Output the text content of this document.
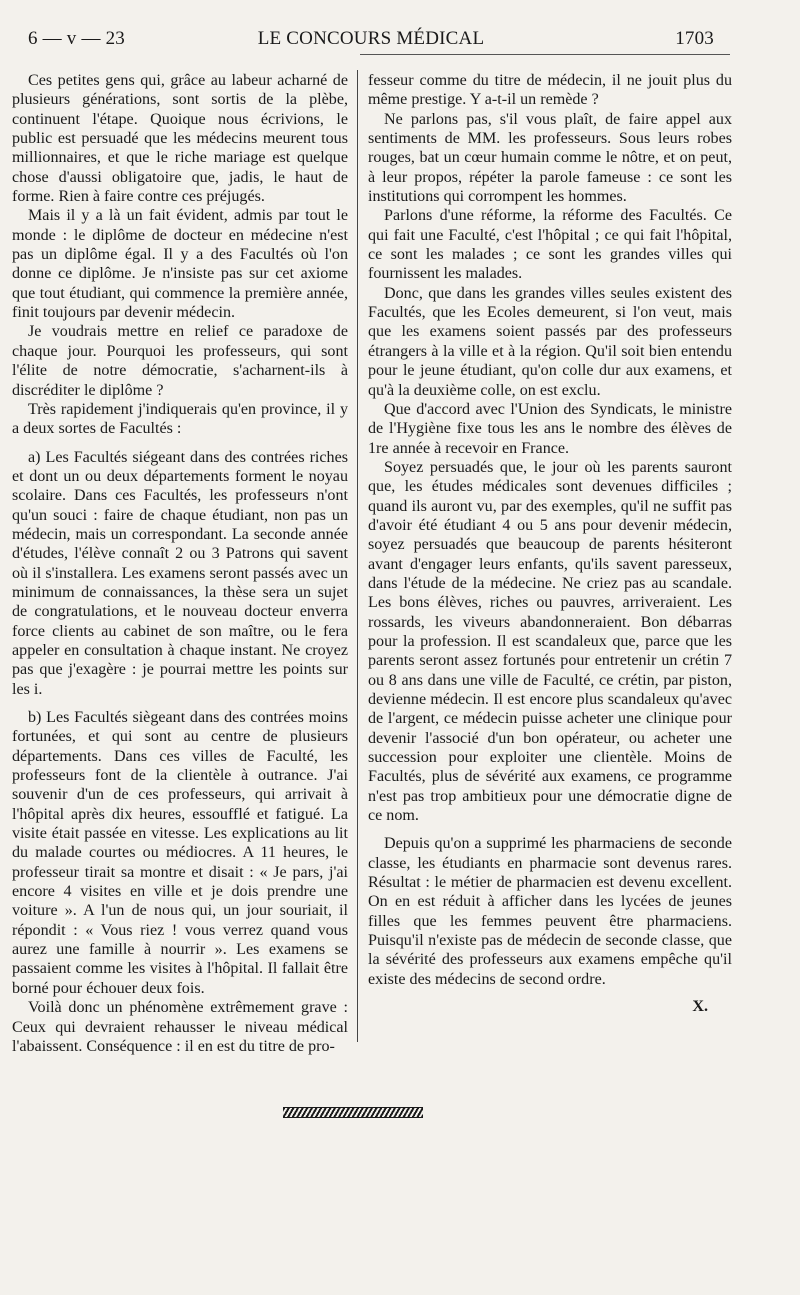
6 — v — 23	LE CONCOURS MÉDICAL	1703

Ces petites gens qui, grâce au labeur acharné de plusieurs générations, sont sortis de la plèbe, continuent l'étape. Quoique nous écrivions, le public est persuadé que les médecins meurent tous millionnaires, et que le riche mariage est quelque chose d'aussi obligatoire que, jadis, le haut de forme. Rien à faire contre ces préjugés.

Mais il y a là un fait évident, admis par tout le monde : le diplôme de docteur en médecine n'est pas un diplôme égal. Il y a des Facultés où l'on donne ce diplôme. Je n'insiste pas sur cet axiome que tout étudiant, qui commence la première année, finit toujours par devenir médecin.

Je voudrais mettre en relief ce paradoxe de chaque jour. Pourquoi les professeurs, qui sont l'élite de notre démocratie, s'acharnent-ils à discréditer le diplôme ?

Très rapidement j'indiquerais qu'en province, il y a deux sortes de Facultés :

a) Les Facultés siégeant dans des contrées riches et dont un ou deux départements forment le noyau scolaire. Dans ces Facultés, les professeurs n'ont qu'un souci : faire de chaque étudiant, non pas un médecin, mais un correspondant. La seconde année d'études, l'élève connaît 2 ou 3 Patrons qui savent où il s'installera. Les examens seront passés avec un minimum de connaissances, la thèse sera un sujet de congratulations, et le nouveau docteur enverra force clients au cabinet de son maître, ou le fera appeler en consultation à chaque instant. Ne croyez pas que j'exagère : je pourrai mettre les points sur les i.

b) Les Facultés siègeant dans des contrées moins fortunées, et qui sont au centre de plusieurs départements. Dans ces villes de Faculté, les professeurs font de la clientèle à outrance. J'ai souvenir d'un de ces professeurs, qui arrivait à l'hôpital après dix heures, essoufflé et fatigué. La visite était passée en vitesse. Les explications au lit du malade courtes ou médiocres. A 11 heures, le professeur tirait sa montre et disait : « Je pars, j'ai encore 4 visites en ville et je dois prendre une voiture ». A l'un de nous qui, un jour souriait, il répondit : « Vous riez ! vous verrez quand vous aurez une famille à nourrir ». Les examens se passaient comme les visites à l'hôpital. Il fallait être borné pour échouer deux fois.

Voilà donc un phénomène extrêmement grave : Ceux qui devraient rehausser le niveau médical l'abaissent. Conséquence : il en est du titre de pro-

fesseur comme du titre de médecin, il ne jouit plus du même prestige. Y a-t-il un remède ?

Ne parlons pas, s'il vous plaît, de faire appel aux sentiments de MM. les professeurs. Sous leurs robes rouges, bat un cœur humain comme le nôtre, et on peut, à leur propos, répéter la parole fameuse : ce sont les institutions qui corrompent les hommes.

Parlons d'une réforme, la réforme des Facultés. Ce qui fait une Faculté, c'est l'hôpital ; ce qui fait l'hôpital, ce sont les malades ; ce sont les grandes villes qui fournissent les malades.

Donc, que dans les grandes villes seules existent des Facultés, que les Ecoles demeurent, si l'on veut, mais que les examens soient passés par des professeurs étrangers à la ville et à la région. Qu'il soit bien entendu pour le jeune étudiant, qu'on colle dur aux examens, et qu'à la deuxième colle, on est exclu.

Que d'accord avec l'Union des Syndicats, le ministre de l'Hygiène fixe tous les ans le nombre des élèves de 1re année à recevoir en France.

Soyez persuadés que, le jour où les parents sauront que, les études médicales sont devenues difficiles ; quand ils auront vu, par des exemples, qu'il ne suffit pas d'avoir été étudiant 4 ou 5 ans pour devenir médecin, soyez persuadés que beaucoup de parents hésiteront avant d'engager leurs enfants, qu'ils savent paresseux, dans l'étude de la médecine. Ne criez pas au scandale. Les bons élèves, riches ou pauvres, arriveraient. Les rossards, les viveurs abandonneraient. Bon débarras pour la profession. Il est scandaleux que, parce que les parents seront assez fortunés pour entretenir un crétin 7 ou 8 ans dans une ville de Faculté, ce crétin, par piston, devienne médecin. Il est encore plus scandaleux qu'avec de l'argent, ce médecin puisse acheter une clinique pour devenir l'associé d'un bon opérateur, ou acheter une succession pour exploiter une clientèle. Moins de Facultés, plus de sévérité aux examens, ce programme n'est pas trop ambitieux pour une démocratie digne de ce nom.

Depuis qu'on a supprimé les pharmaciens de seconde classe, les étudiants en pharmacie sont devenus rares. Résultat : le métier de pharmacien est devenu excellent. On en est réduit à afficher dans les lycées de jeunes filles que les femmes peuvent être pharmaciens. Puisqu'il n'existe pas de médecin de seconde classe, que la sévérité des professeurs aux examens empêche qu'il existe des médecins de second ordre.

X.
